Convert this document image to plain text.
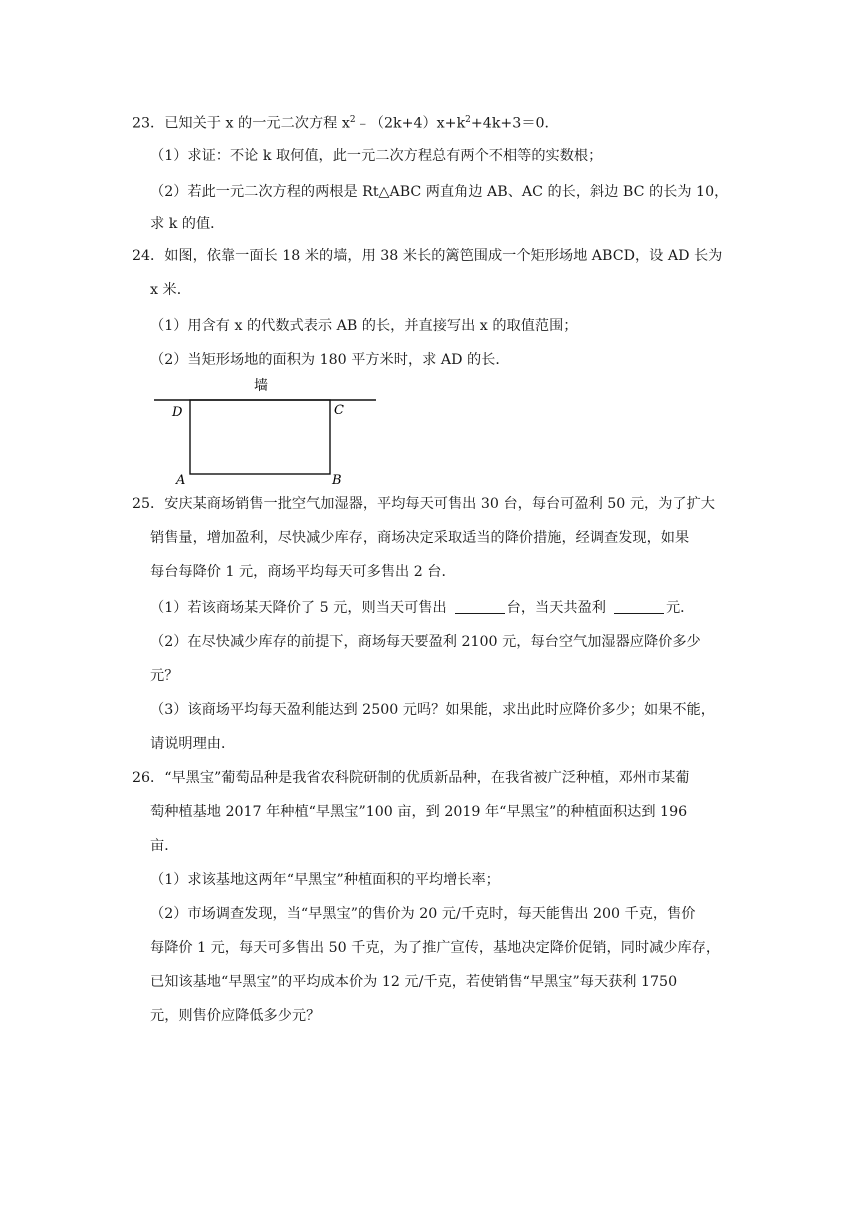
23．已知关于 x 的一元二次方程 $x^2﹣(2k+4)x+k^2+4k+3=0$．
（1）求证：不论 k 取何值，此一元二次方程总有两个不相等的实数根；
（2）若此一元二次方程的两根是 Rt△ABC 两直角边 AB、AC 的长，斜边 BC 的长为 10，
求 k 的值．
24．如图，依靠一面长 18 米的墙，用 38 米长的篱笆围成一个矩形场地 ABCD，设 AD 长为
x 米．
（1）用含有 x 的代数式表示 AB 的长，并直接写出 x 的取值范围；
（2）当矩形场地的面积为 180 平方米时，求 AD 的长．
墙
D	C
A	B
25．安庆某商场销售一批空气加湿器，平均每天可售出 30 台，每台可盈利 50 元，为了扩大
销售量，增加盈利，尽快减少库存，商场决定采取适当的降价措施，经调查发现，如果
每台每降价 1 元，商场平均每天可多售出 2 台．
（1）若该商场某天降价了 5 元，则当天可售出	台，当天共盈利	元．
（2）在尽快减少库存的前提下，商场每天要盈利 2100 元，每台空气加湿器应降价多少
元？
（3）该商场平均每天盈利能达到 2500 元吗？如果能，求出此时应降价多少；如果不能，
请说明理由．
26．“早黑宝”葡萄品种是我省农科院研制的优质新品种，在我省被广泛种植，邓州市某葡
萄种植基地 2017 年种植“早黑宝”100 亩，到 2019 年“早黑宝”的种植面积达到 196
亩．
（1）求该基地这两年“早黑宝”种植面积的平均增长率；
（2）市场调查发现，当“早黑宝”的售价为 20 元/千克时，每天能售出 200 千克，售价
每降价 1 元，每天可多售出 50 千克，为了推广宣传，基地决定降价促销，同时减少库存，
已知该基地“早黑宝”的平均成本价为 12 元/千克，若使销售“早黑宝”每天获利 1750
元，则售价应降低多少元？
